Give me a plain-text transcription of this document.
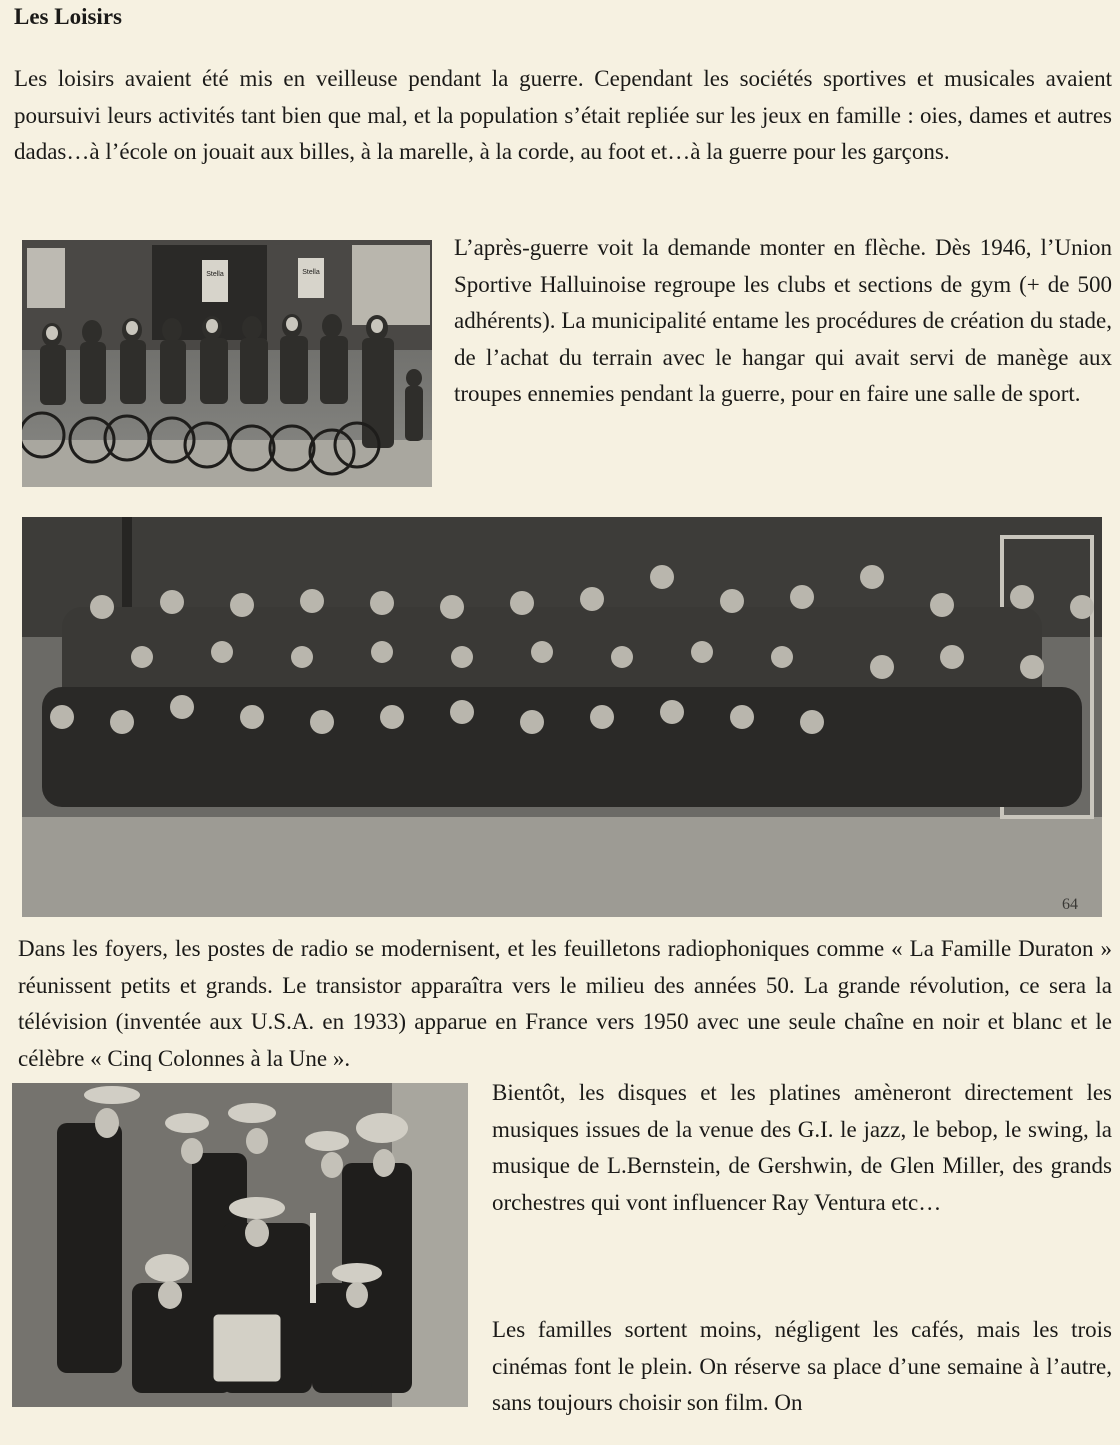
Les Loisirs

Les loisirs avaient été mis en veilleuse pendant la guerre. Cependant les sociétés sportives et musicales avaient poursuivi leurs activités tant bien que mal, et la population s’était repliée sur les jeux en famille : oies, dames et autres dadas…à l’école on jouait aux billes, à la marelle, à la corde, au foot et…à la guerre pour les garçons.

Stella	Stella

L’après-guerre voit la demande monter en flèche. Dès 1946, l’Union Sportive Halluinoise regroupe les clubs et sections de gym (+ de 500 adhérents). La municipalité entame les procédures de création du stade, de l’achat du terrain avec le hangar qui avait servi de manège aux troupes ennemies pendant la guerre, pour en faire une salle de sport.

64

Dans les foyers, les postes de radio se modernisent, et les feuilletons radiophoniques comme « La Famille Duraton » réunissent petits et grands. Le transistor apparaîtra vers le milieu des années 50. La grande révolution, ce sera la télévision (inventée aux U.S.A. en 1933) apparue en France vers 1950 avec une seule chaîne en noir et blanc et le célèbre « Cinq Colonnes à la Une ».

Bientôt, les disques et les platines amèneront directement les musiques issues de la venue des G.I. le jazz, le bebop, le swing, la musique de L.Bernstein, de Gershwin, de Glen Miller, des grands orchestres qui vont influencer Ray Ventura etc…

Les familles sortent moins, négligent les cafés, mais les trois cinémas font le plein. On réserve sa place d’une semaine à l’autre, sans toujours choisir son film. On
